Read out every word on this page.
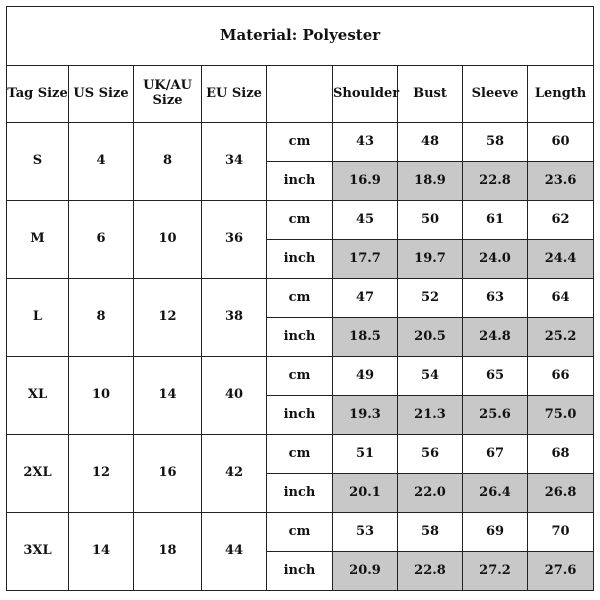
Material: Polyester								
Tag Size	US Size	UK/AU Size	EU Size		Shoulder	Bust	Sleeve	Length
S	4	8	34	cm	43	48	58	60
				inch	16.9	18.9	22.8	23.6
M	6	10	36	cm	45	50	61	62
				inch	17.7	19.7	24.0	24.4
L	8	12	38	cm	47	52	63	64
				inch	18.5	20.5	24.8	25.2
XL	10	14	40	cm	49	54	65	66
				inch	19.3	21.3	25.6	75.0
2XL	12	16	42	cm	51	56	67	68
				inch	20.1	22.0	26.4	26.8
3XL	14	18	44	cm	53	58	69	70
				inch	20.9	22.8	27.2	27.6
